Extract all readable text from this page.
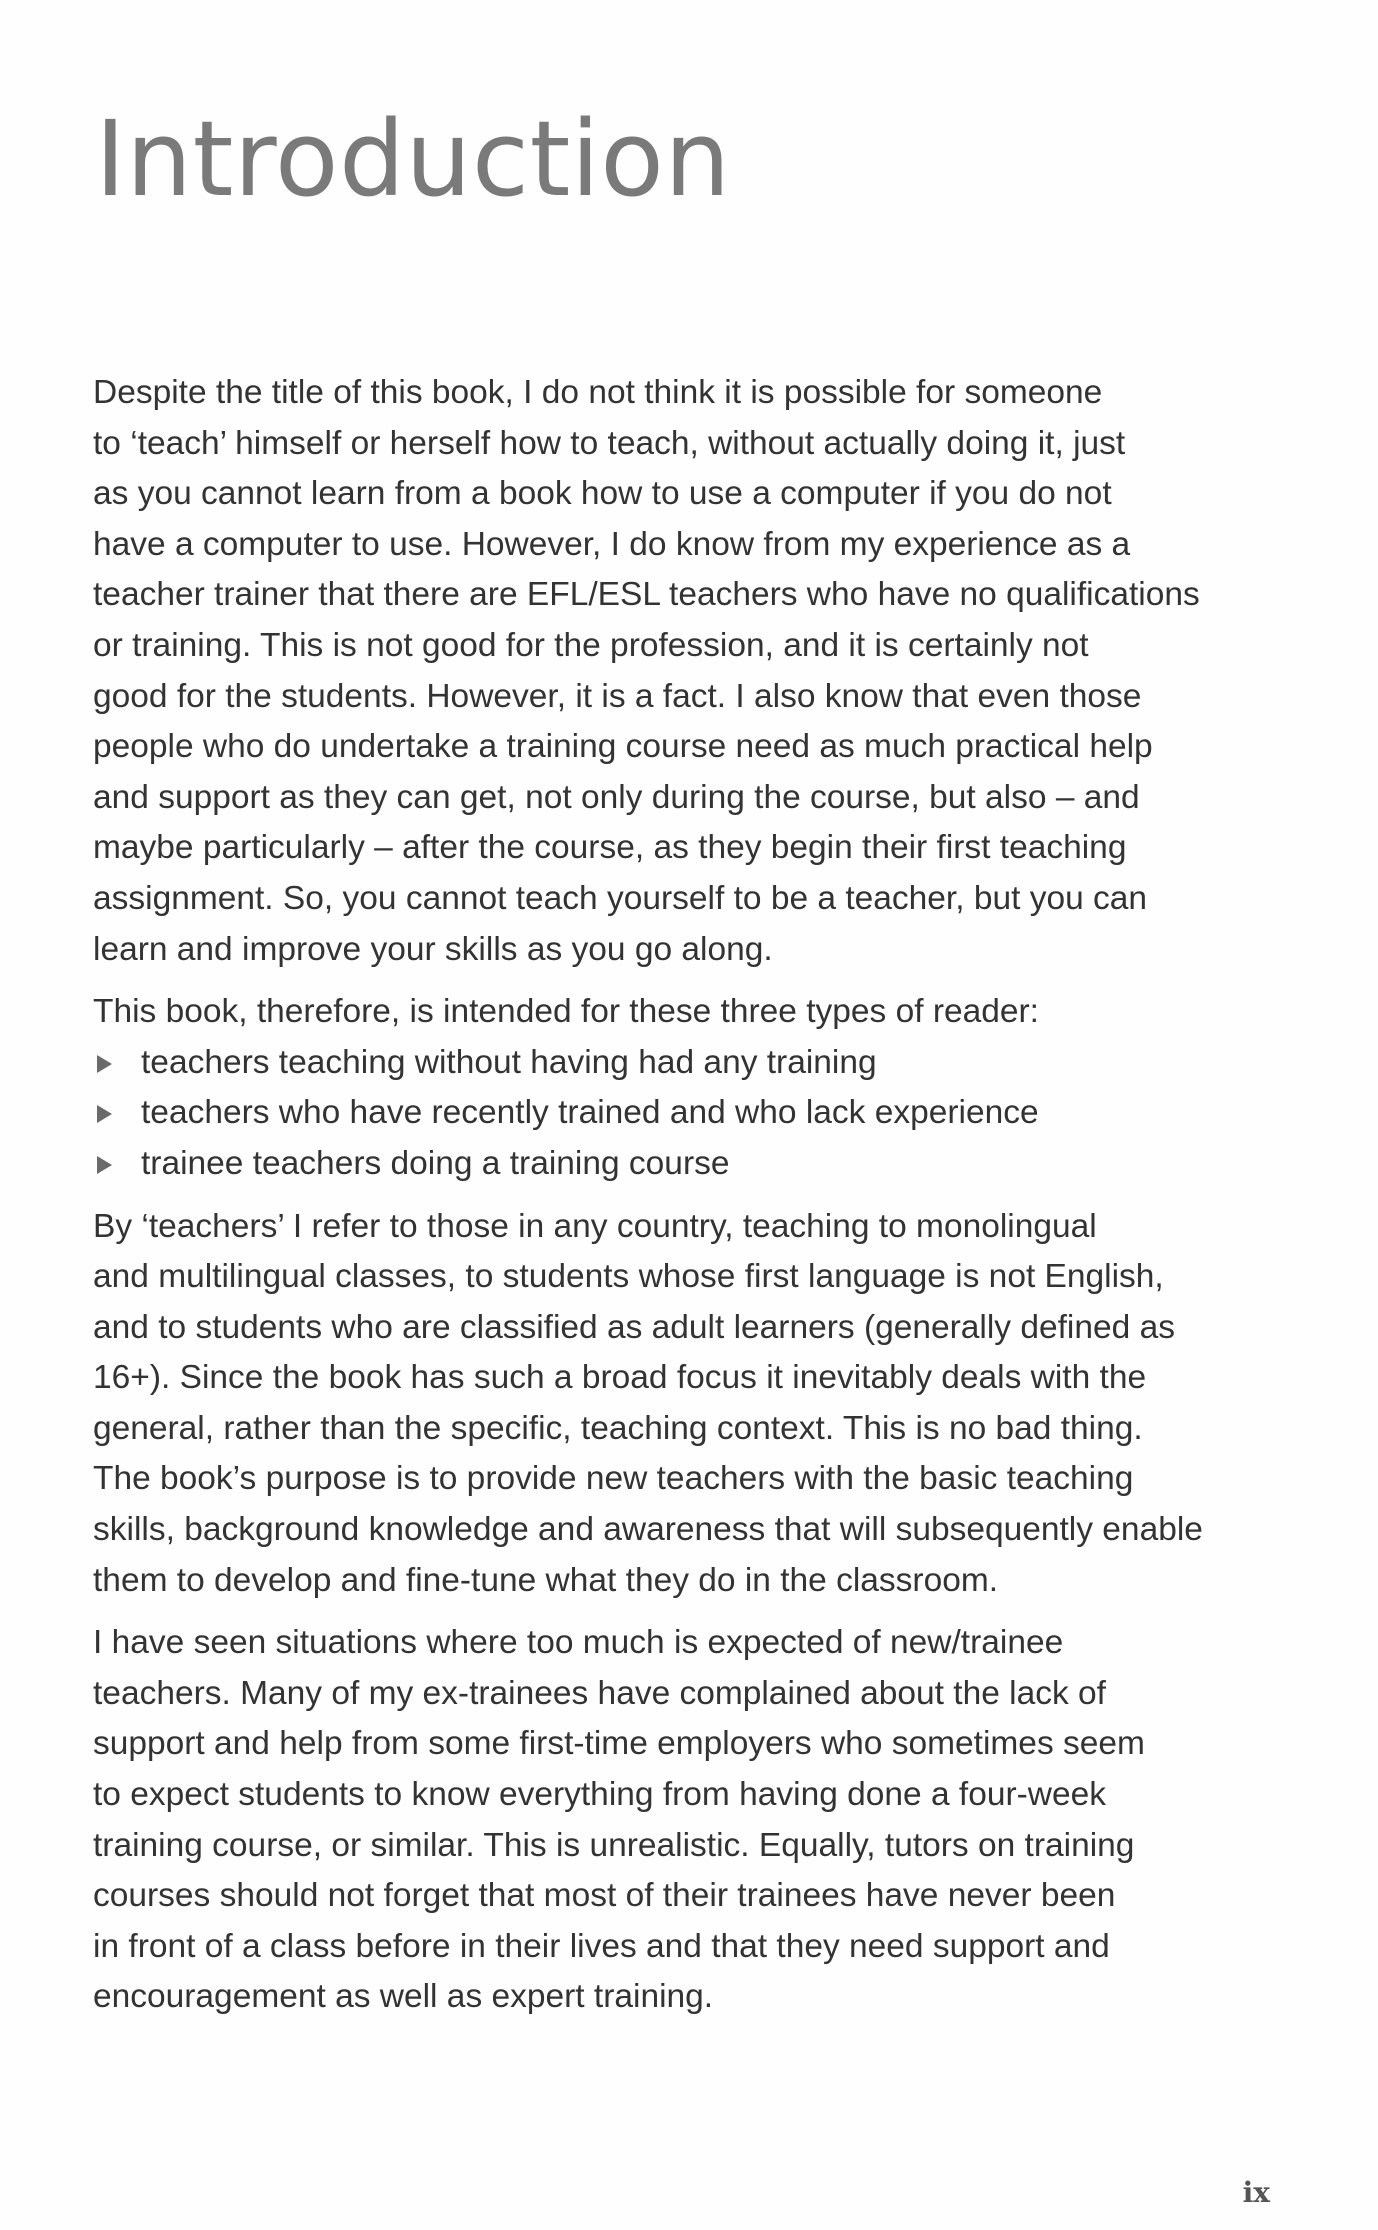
Introduction

Despite the title of this book, I do not think it is possible for someone
to ‘teach’ himself or herself how to teach, without actually doing it, just
as you cannot learn from a book how to use a computer if you do not
have a computer to use. However, I do know from my experience as a
teacher trainer that there are EFL/ESL teachers who have no qualifications
or training. This is not good for the profession, and it is certainly not
good for the students. However, it is a fact. I also know that even those
people who do undertake a training course need as much practical help
and support as they can get, not only during the course, but also – and
maybe particularly – after the course, as they begin their first teaching
assignment. So, you cannot teach yourself to be a teacher, but you can
learn and improve your skills as you go along.

This book, therefore, is intended for these three types of reader:

teachers teaching without having had any training
teachers who have recently trained and who lack experience
trainee teachers doing a training course

By ‘teachers’ I refer to those in any country, teaching to monolingual
and multilingual classes, to students whose first language is not English,
and to students who are classified as adult learners (generally defined as
16+). Since the book has such a broad focus it inevitably deals with the
general, rather than the specific, teaching context. This is no bad thing.
The book’s purpose is to provide new teachers with the basic teaching
skills, background knowledge and awareness that will subsequently enable
them to develop and fine-tune what they do in the classroom.

I have seen situations where too much is expected of new/trainee
teachers. Many of my ex-trainees have complained about the lack of
support and help from some first-time employers who sometimes seem
to expect students to know everything from having done a four-week
training course, or similar. This is unrealistic. Equally, tutors on training
courses should not forget that most of their trainees have never been
in front of a class before in their lives and that they need support and
encouragement as well as expert training.

ix
